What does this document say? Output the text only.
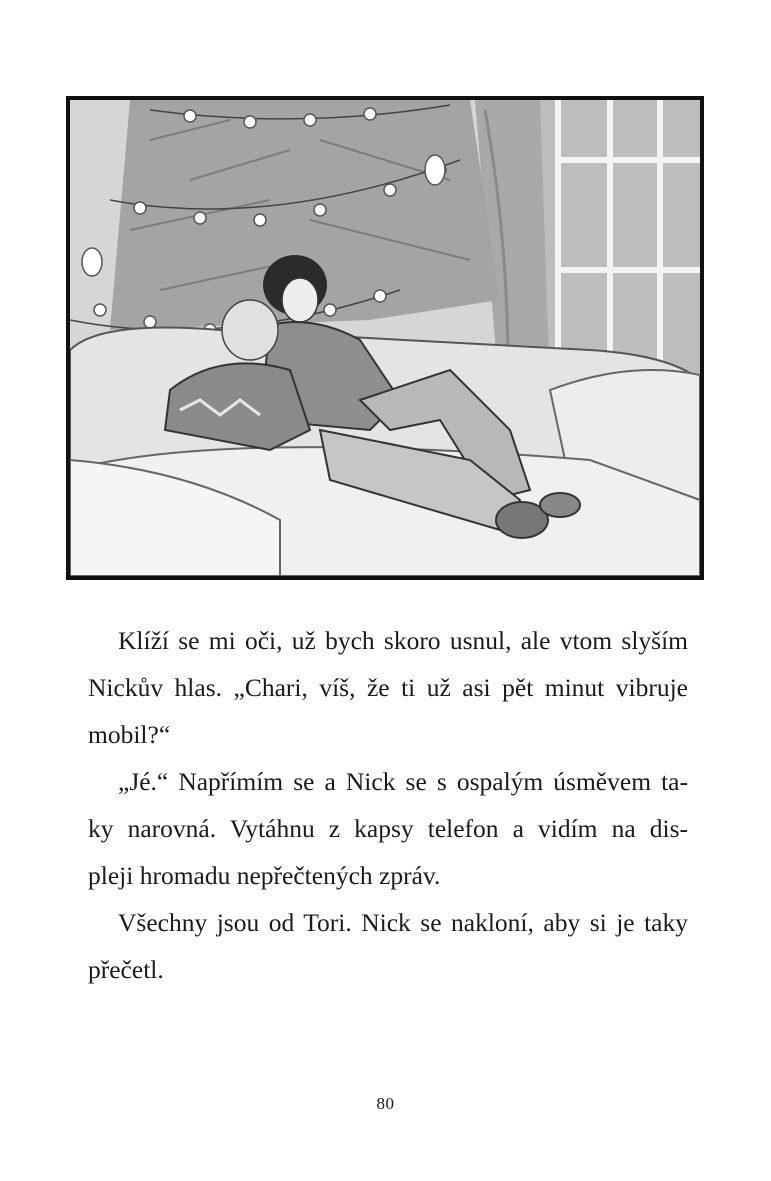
Klíží se mi oči, už bych skoro usnul, ale vtom slyším
Nickův hlas. „Chari, víš, že ti už asi pět minut vibruje
mobil?“

„Jé.“ Napřímím se a Nick se s ospalým úsměvem ta-
ky narovná. Vytáhnu z kapsy telefon a vidím na dis-
pleji hromadu nepřečtených zpráv.

Všechny jsou od Tori. Nick se nakloní, aby si je taky
přečetl.

80
